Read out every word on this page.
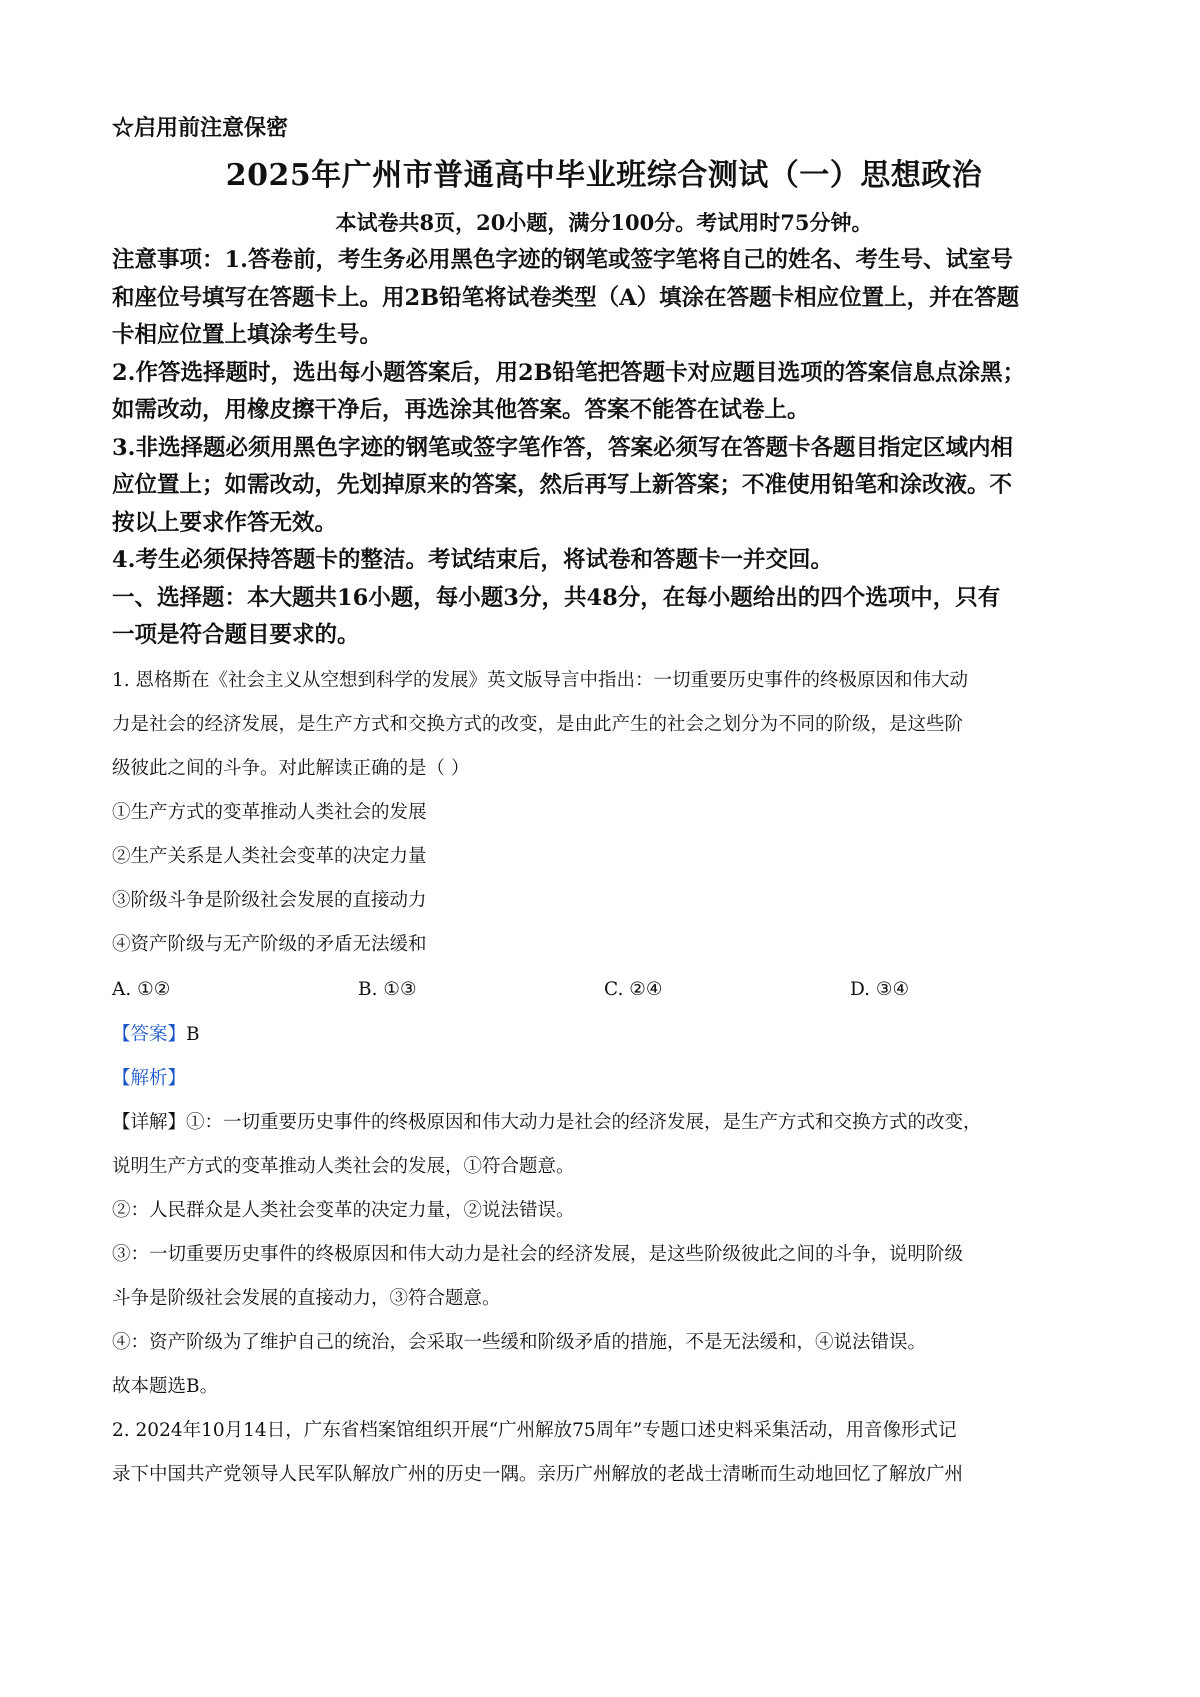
☆启用前注意保密
2025年广州市普通高中毕业班综合测试（一）思想政治
本试卷共8页，20小题，满分100分。考试用时75分钟。
注意事项：1.答卷前，考生务必用黑色字迹的钢笔或签字笔将自己的姓名、考生号、试室号
和座位号填写在答题卡上。用2B铅笔将试卷类型（A）填涂在答题卡相应位置上，并在答题
卡相应位置上填涂考生号。
2.作答选择题时，选出每小题答案后，用2B铅笔把答题卡对应题目选项的答案信息点涂黑；
如需改动，用橡皮擦干净后，再选涂其他答案。答案不能答在试卷上。
3.非选择题必须用黑色字迹的钢笔或签字笔作答，答案必须写在答题卡各题目指定区域内相
应位置上；如需改动，先划掉原来的答案，然后再写上新答案；不准使用铅笔和涂改液。不
按以上要求作答无效。
4.考生必须保持答题卡的整洁。考试结束后，将试卷和答题卡一并交回。
一、选择题：本大题共16小题，每小题3分，共48分，在每小题给出的四个选项中，只有
一项是符合题目要求的。
1. 恩格斯在《社会主义从空想到科学的发展》英文版导言中指出：一切重要历史事件的终极原因和伟大动
力是社会的经济发展，是生产方式和交换方式的改变，是由此产生的社会之划分为不同的阶级，是这些阶
级彼此之间的斗争。对此解读正确的是（ ）
①生产方式的变革推动人类社会的发展
②生产关系是人类社会变革的决定力量
③阶级斗争是阶级社会发展的直接动力
④资产阶级与无产阶级的矛盾无法缓和
A. ①②	B. ①③	C. ②④	D. ③④
【答案】B
【解析】
【详解】①：一切重要历史事件的终极原因和伟大动力是社会的经济发展，是生产方式和交换方式的改变，
说明生产方式的变革推动人类社会的发展，①符合题意。
②：人民群众是人类社会变革的决定力量，②说法错误。
③：一切重要历史事件的终极原因和伟大动力是社会的经济发展，是这些阶级彼此之间的斗争，说明阶级
斗争是阶级社会发展的直接动力，③符合题意。
④：资产阶级为了维护自己的统治，会采取一些缓和阶级矛盾的措施，不是无法缓和，④说法错误。
故本题选B。
2. 2024年10月14日，广东省档案馆组织开展“广州解放75周年”专题口述史料采集活动，用音像形式记
录下中国共产党领导人民军队解放广州的历史一隅。亲历广州解放的老战士清晰而生动地回忆了解放广州
